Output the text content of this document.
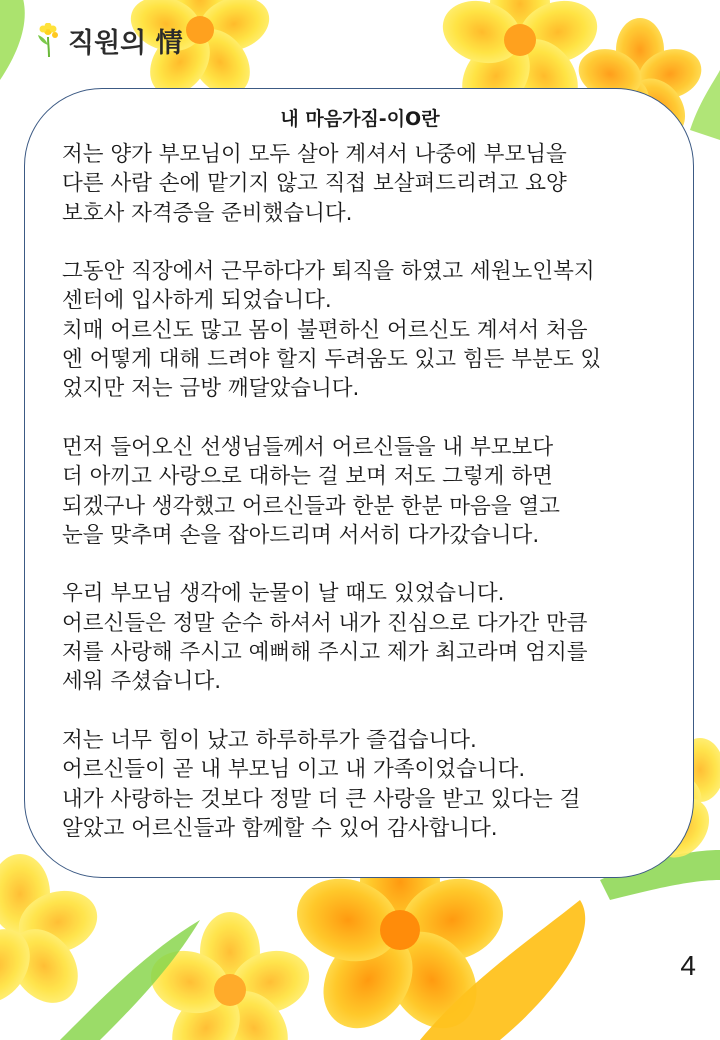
직원의 情
내 마음가짐-이O란
저는 양가 부모님이 모두 살아 계셔서 나중에 부모님을
다른 사람 손에 맡기지 않고 직접 보살펴드리려고 요양
보호사 자격증을 준비했습니다.
그동안 직장에서 근무하다가 퇴직을 하였고 세원노인복지
센터에 입사하게 되었습니다.
치매 어르신도 많고 몸이 불편하신 어르신도 계셔서 처음
엔 어떻게 대해 드려야 할지 두려움도 있고 힘든 부분도 있
었지만 저는 금방 깨달았습니다.
먼저 들어오신 선생님들께서 어르신들을 내 부모보다
더 아끼고 사랑으로 대하는 걸 보며 저도 그렇게 하면
되겠구나 생각했고 어르신들과 한분 한분 마음을 열고
눈을 맞추며 손을 잡아드리며 서서히 다가갔습니다.
우리 부모님 생각에 눈물이 날 때도 있었습니다.
어르신들은 정말 순수 하셔서 내가 진심으로 다가간 만큼
저를 사랑해 주시고 예뻐해 주시고 제가 최고라며 엄지를
세워 주셨습니다.
저는 너무 힘이 났고 하루하루가 즐겁습니다.
어르신들이 곧 내 부모님 이고 내 가족이었습니다.
내가 사랑하는 것보다 정말 더 큰 사랑을 받고 있다는 걸
알았고 어르신들과 함께할 수 있어 감사합니다.
4
